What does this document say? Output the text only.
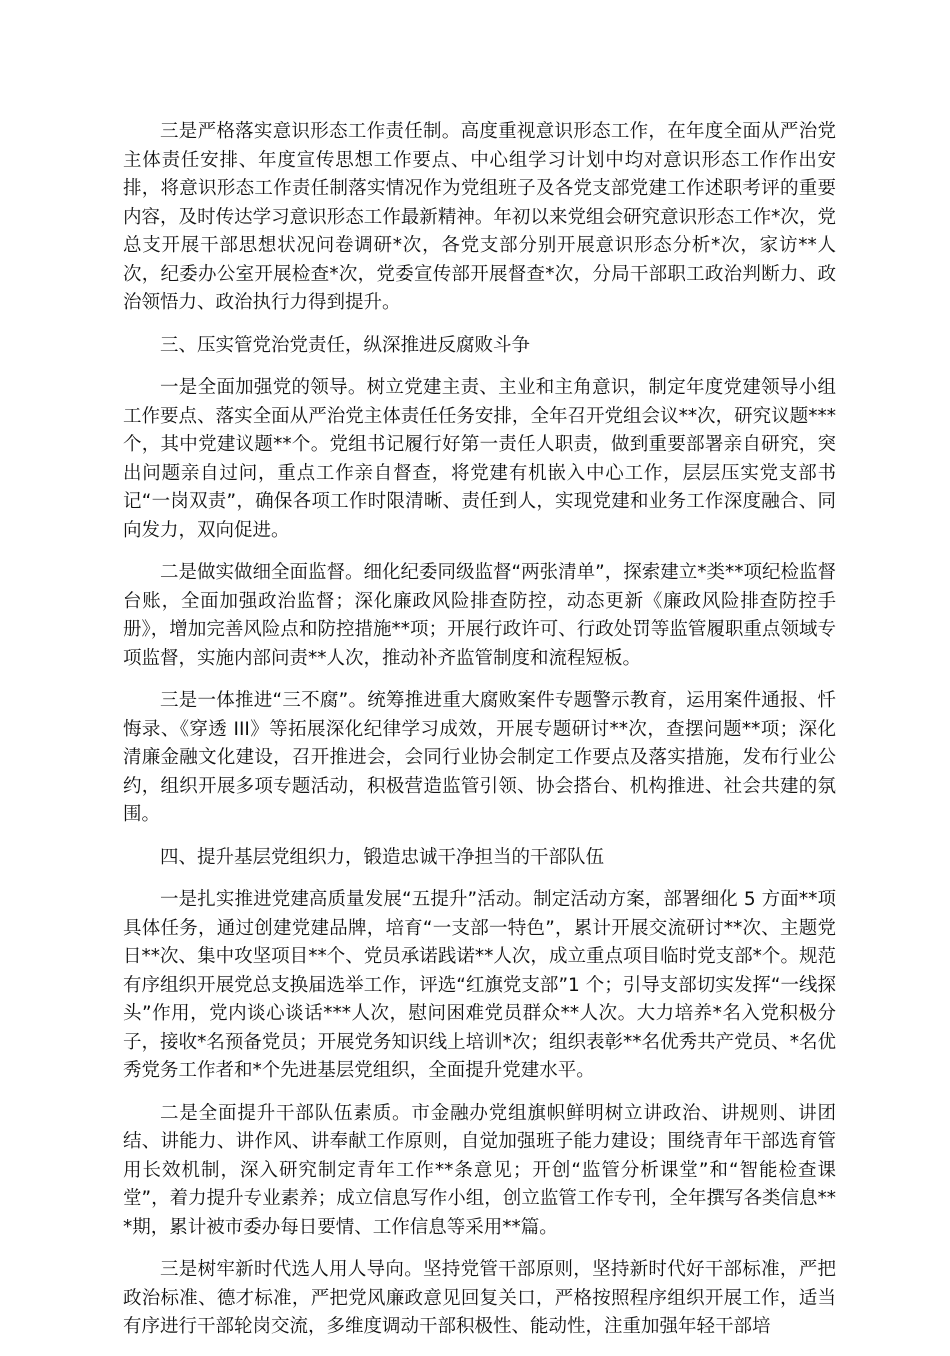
三是严格落实意识形态工作责任制。高度重视意识形态工作，在年度全面从严治党主体责任安排、年度宣传思想工作要点、中心组学习计划中均对意识形态工作作出安排，将意识形态工作责任制落实情况作为党组班子及各党支部党建工作述职考评的重要内容，及时传达学习意识形态工作最新精神。年初以来党组会研究意识形态工作*次，党总支开展干部思想状况问卷调研*次，各党支部分别开展意识形态分析*次，家访**人次，纪委办公室开展检查*次，党委宣传部开展督查*次，分局干部职工政治判断力、政治领悟力、政治执行力得到提升。

三、压实管党治党责任，纵深推进反腐败斗争

一是全面加强党的领导。树立党建主责、主业和主角意识，制定年度党建领导小组工作要点、落实全面从严治党主体责任任务安排，全年召开党组会议**次，研究议题***个，其中党建议题**个。党组书记履行好第一责任人职责，做到重要部署亲自研究，突出问题亲自过问，重点工作亲自督查，将党建有机嵌入中心工作，层层压实党支部书记“一岗双责”，确保各项工作时限清晰、责任到人，实现党建和业务工作深度融合、同向发力，双向促进。

二是做实做细全面监督。细化纪委同级监督“两张清单”，探索建立*类**项纪检监督台账，全面加强政治监督；深化廉政风险排查防控，动态更新《廉政风险排查防控手册》，增加完善风险点和防控措施**项；开展行政许可、行政处罚等监管履职重点领域专项监督，实施内部问责**人次，推动补齐监管制度和流程短板。

三是一体推进“三不腐”。统筹推进重大腐败案件专题警示教育，运用案件通报、忏悔录、《穿透 III》等拓展深化纪律学习成效，开展专题研讨**次，查摆问题**项；深化清廉金融文化建设，召开推进会，会同行业协会制定工作要点及落实措施，发布行业公约，组织开展多项专题活动，积极营造监管引领、协会搭台、机构推进、社会共建的氛围。

四、提升基层党组织力，锻造忠诚干净担当的干部队伍

一是扎实推进党建高质量发展“五提升”活动。制定活动方案，部署细化 5 方面**项具体任务，通过创建党建品牌，培育“一支部一特色”，累计开展交流研讨**次、主题党日**次、集中攻坚项目**个、党员承诺践诺**人次，成立重点项目临时党支部*个。规范有序组织开展党总支换届选举工作，评选“红旗党支部”1 个；引导支部切实发挥“一线探头”作用，党内谈心谈话***人次，慰问困难党员群众**人次。大力培养*名入党积极分子，接收*名预备党员；开展党务知识线上培训*次；组织表彰**名优秀共产党员、*名优秀党务工作者和*个先进基层党组织，全面提升党建水平。

二是全面提升干部队伍素质。市金融办党组旗帜鲜明树立讲政治、讲规则、讲团结、讲能力、讲作风、讲奉献工作原则，自觉加强班子能力建设；围绕青年干部选育管用长效机制，深入研究制定青年工作**条意见；开创“监管分析课堂”和“智能检查课堂”，着力提升专业素养；成立信息写作小组，创立监管工作专刊，全年撰写各类信息***期，累计被市委办每日要情、工作信息等采用**篇。

三是树牢新时代选人用人导向。坚持党管干部原则，坚持新时代好干部标准，严把政治标准、德才标准，严把党风廉政意见回复关口，严格按照程序组织开展工作，适当有序进行干部轮岗交流，多维度调动干部积极性、能动性，注重加强年轻干部培
